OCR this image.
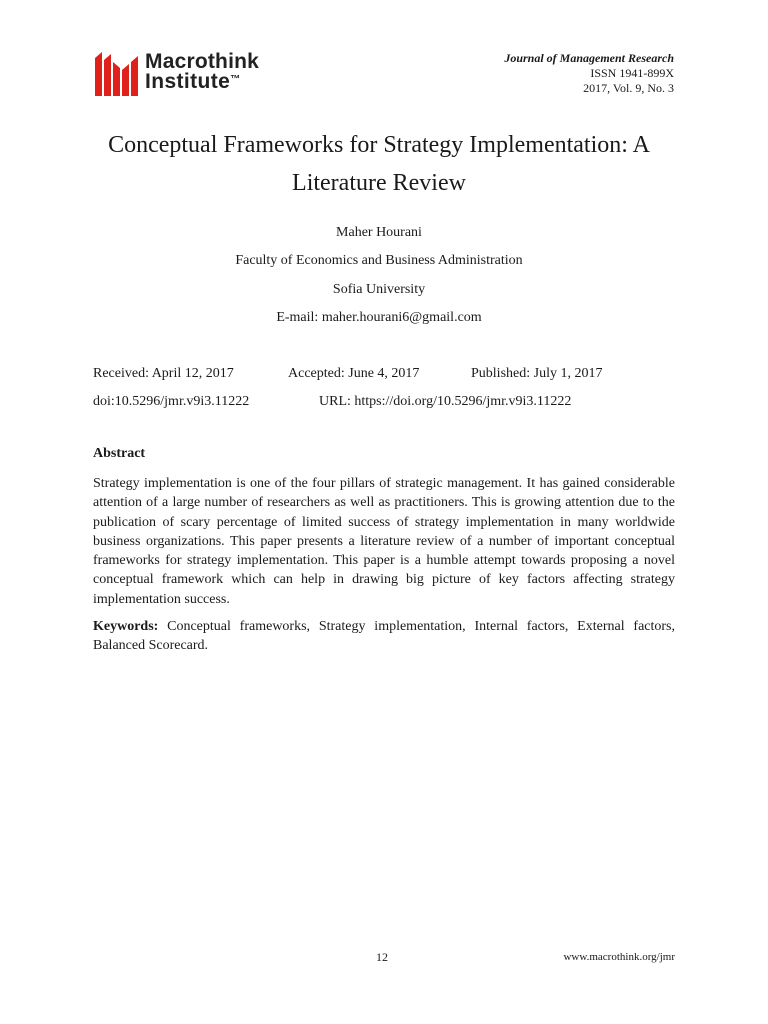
Macrothink
Institute™
Journal of Management Research
ISSN 1941-899X
2017, Vol. 9, No. 3
Conceptual Frameworks for Strategy Implementation: A Literature Review
Maher Hourani
Faculty of Economics and Business Administration
Sofia University
E-mail: maher.hourani6@gmail.com
Received: April 12, 2017	Accepted: June 4, 2017	Published: July 1, 2017
doi:10.5296/jmr.v9i3.11222	URL: https://doi.org/10.5296/jmr.v9i3.11222
Abstract

Strategy implementation is one of the four pillars of strategic management. It has gained considerable attention of a large number of researchers as well as practitioners. This is growing attention due to the publication of scary percentage of limited success of strategy implementation in many worldwide business organizations. This paper presents a literature review of a number of important conceptual frameworks for strategy implementation. This paper is a humble attempt towards proposing a novel conceptual framework which can help in drawing big picture of key factors affecting strategy implementation success.

Keywords: Conceptual frameworks, Strategy implementation, Internal factors, External factors, Balanced Scorecard.

12	www.macrothink.org/jmr
